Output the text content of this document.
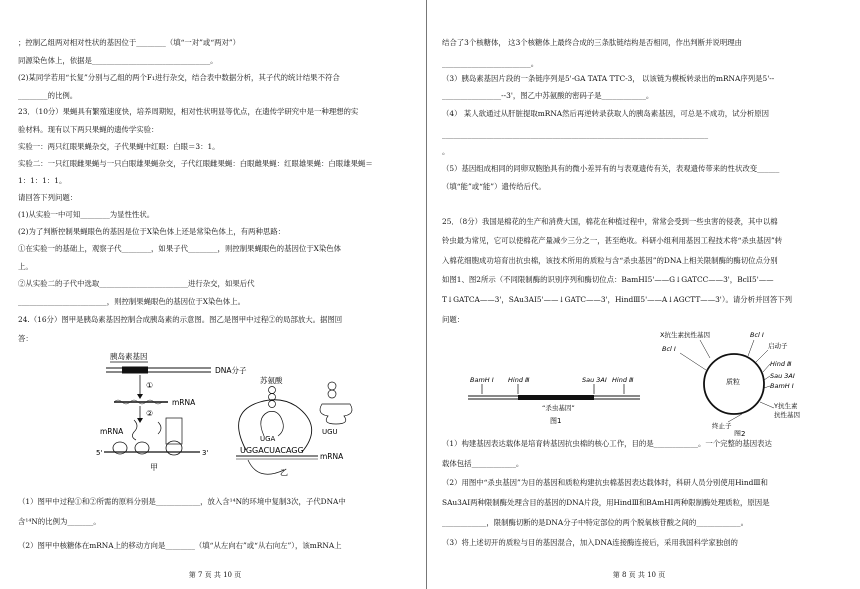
；控制乙组两对相对性状的基因位于________（填“一对”或“两对”）
同源染色体上，依据是________________________________。
(2)某同学若用“长复”分别与乙组的两个F₁进行杂交，结合表中数据分析，其子代的统计结果不符合
________的比例。
23．（10分）果蝇具有繁殖速度快，培养周期短，相对性状明显等优点，在遗传学研究中是一种理想的实
验材料。现有以下两只果蝇的遗传学实验：
实验一：两只红眼果蝇杂交，子代果蝇中红眼：白眼＝3：1。
实验二：一只红眼雌果蝇与一只白眼雄果蝇杂交，子代红眼雌果蝇：白眼雌果蝇：红眼雄果蝇：白眼雄果蝇＝
1：1：1：1。
请回答下列问题：
(1)从实验一中可知________为显性性状。
(2)为了判断控制果蝇眼色的基因是位于X染色体上还是常染色体上，有两种思路：
①在实验一的基础上，观察子代________，如果子代________，则控制果蝇眼色的基因位于X染色体
上。
②从实验二的子代中选取________________________进行杂交，如果后代
________________________，则控制果蝇眼色的基因位于X染色体上。
24.（16分）图甲是胰岛素基因控制合成胰岛素的示意图。图乙是图甲中过程②的局部放大。据图回
答：
胰岛素基因
DNA分子
①
mRNA
②
mRNA
5'	3'
甲
苏氨酸
UGA
UGGACUACAGG
mRNA
乙
UGU
（1）图甲中过程①和②所需的原料分别是____________，放入含¹⁴N的环境中复制3次，子代DNA中
含¹⁴N的比例为_______。
（2）图甲中核糖体在mRNA上的移动方向是________（填“从左向右”或“从右向左”），该mRNA上
第 7 页 共 10 页
结合了3个核糖体， 这3个核糖体上最终合成的三条肽链结构是否相同，作出判断并说明理由
________________________。
（3）胰岛素基因片段的一条链序列是5'-GA TATA TTC-3， 以该链为模板转录出的mRNA序列是5'--
________________--3'，图乙中苏氨酸的密码子是____________。
（4） 某人欲通过从肝脏提取mRNA然后再逆转录获取人的胰岛素基因，可总是不成功，试分析原因
________________________________________________________________________
。
（5）基因组成相同的同卵双胞胎具有的微小差异有的与表观遗传有关，表观遗传带来的性状改变______
（填“能”或“能”）遗传给后代。
25．（8分）我国是棉花的生产和消费大国，棉花在种植过程中，常常会受到一些虫害的侵袭，其中以棉
铃虫最为常见，它可以使棉花产量减少三分之一，甚至绝收。科研小组利用基因工程技术将“杀虫基因”转
入棉花细胞成功培育出抗虫棉，该技术所用的质粒与含“杀虫基因”的DNA上相关限制酶的酶切位点分别
如图1、图2所示（不同限制酶的识别序列和酶切位点：BamHⅠ5'——G↓GATCC——3'，BclⅠ5'——
T↓GATCA——3'，SAu3AⅠ5'——↓GATC——3'，HindⅢ5'——A↓AGCTT——3'）。请分析并回答下列
问题：
BamH Ⅰ Hind Ⅲ	Sau 3AⅠ Hind Ⅲ
“杀虫基因”
图1
X抗生素抗性基因	Bcl Ⅰ
Bcl Ⅰ	启动子
Hind Ⅲ
质粒
Sau 3AⅠ
BamH Ⅰ
终止子
Y抗生素
抗性基因
图2
（1）构建基因表达载体是培育转基因抗虫棉的核心工作，目的是____________。一个完整的基因表达
载体包括____________。
（2）用图中“杀虫基因”为目的基因和质粒构建抗虫棉基因表达载体时，科研人员分别使用HindⅢ和
SAu3AⅠ两种限制酶处理含目的基因的DNA片段，用HindⅢ和BAmHⅠ两种限制酶处理质粒，原因是
____________，限制酶切断的是DNA分子中特定部位的两个脱氧核苷酸之间的____________。
（3）将上述切开的质粒与目的基因混合，加入DNA连接酶连接后，采用我国科学家独创的
第 8 页 共 10 页
